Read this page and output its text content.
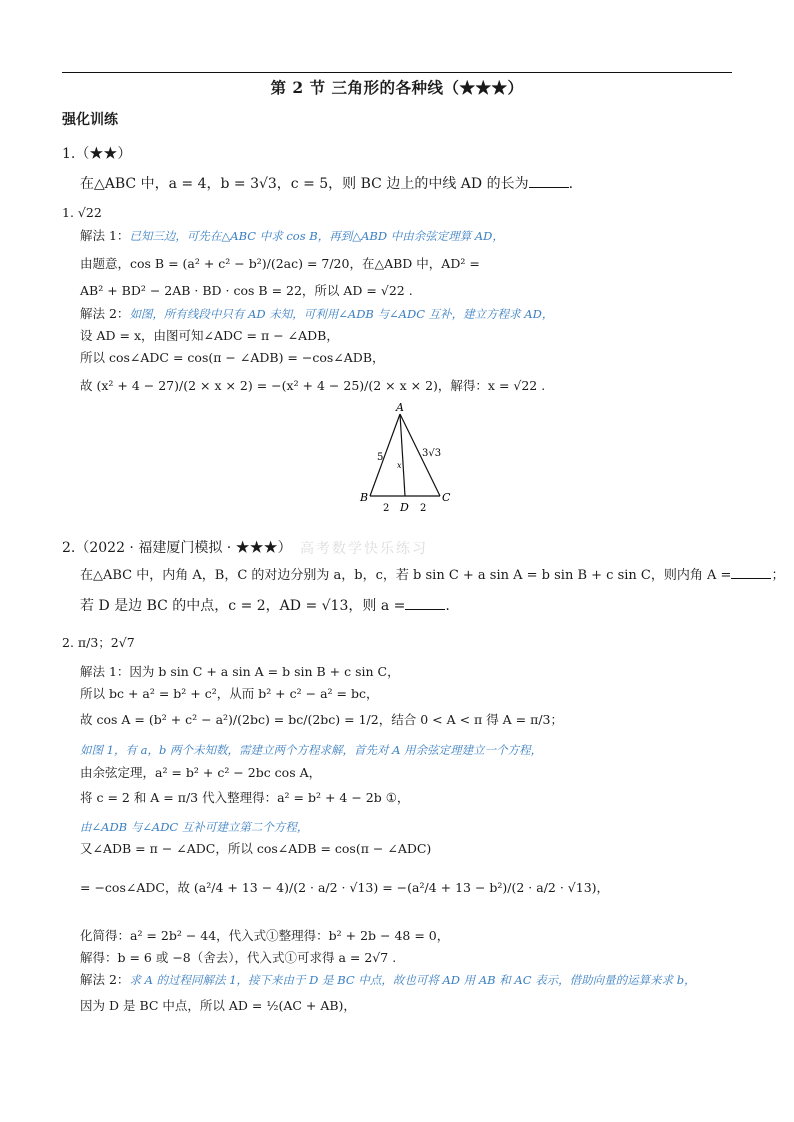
第 2 节 三角形的各种线（★★★）
强化训练
1.（★★）
在△ABC 中，a = 4，b = 3√3，c = 5，则 BC 边上的中线 AD 的长为	.
1. √22
解法 1：已知三边，可先在△ABC 中求 cos B，再到△ABD 中由余弦定理算 AD，
由题意，cos B = (a² + c² − b²)/(2ac) = 7/20，在△ABD 中，AD² =
AB² + BD² − 2AB · BD · cos B = 22，所以 AD = √22 .
解法 2：如图，所有线段中只有 AD 未知，可利用∠ADB 与∠ADC 互补，建立方程求 AD，
设 AD = x，由图可知∠ADC = π − ∠ADB，
所以 cos∠ADC = cos(π − ∠ADB) = −cos∠ADB，
故 (x² + 4 − 27)/(2 × x × 2) = −(x² + 4 − 25)/(2 × x × 2)，解得：x = √22 .
A
B	C
D
5	3√3
x
2	2
高考数学快乐练习
2.（2022 · 福建厦门模拟 · ★★★）
在△ABC 中，内角 A，B，C 的对边分别为 a，b，c，若 b sin C + a sin A = b sin B + c sin C，则内角 A =	；
若 D 是边 BC 的中点，c = 2，AD = √13，则 a =	.
2. π/3；2√7
解法 1：因为 b sin C + a sin A = b sin B + c sin C，
所以 bc + a² = b² + c²，从而 b² + c² − a² = bc，
故 cos A = (b² + c² − a²)/(2bc) = bc/(2bc) = 1/2，结合 0 < A < π 得 A = π/3；
如图 1，有 a，b 两个未知数，需建立两个方程求解，首先对 A 用余弦定理建立一个方程，
由余弦定理，a² = b² + c² − 2bc cos A，
将 c = 2 和 A = π/3 代入整理得：a² = b² + 4 − 2b ①，
由∠ADB 与∠ADC 互补可建立第二个方程，
又∠ADB = π − ∠ADC，所以 cos∠ADB = cos(π − ∠ADC)
= −cos∠ADC，故 (a²/4 + 13 − 4)/(2 · a/2 · √13) = −(a²/4 + 13 − b²)/(2 · a/2 · √13)，
化简得：a² = 2b² − 44，代入式①整理得：b² + 2b − 48 = 0，
解得：b = 6 或 −8（舍去），代入式①可求得 a = 2√7 .
解法 2：求 A 的过程同解法 1，接下来由于 D 是 BC 中点，故也可将 AD 用 AB 和 AC 表示，借助向量的运算来求 b，
因为 D 是 BC 中点，所以 AD = ½(AC + AB)，
